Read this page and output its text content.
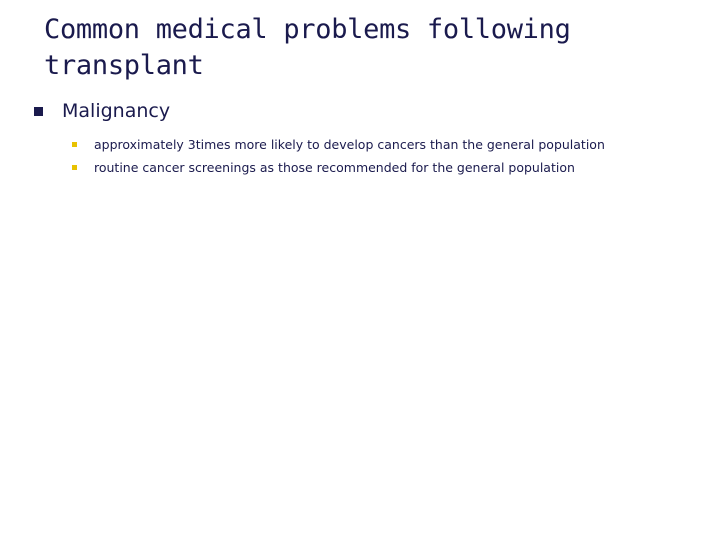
Common medical problems following transplant
Malignancy
approximately 3times more likely to develop cancers than the general population
routine cancer screenings as those recommended for the general population
